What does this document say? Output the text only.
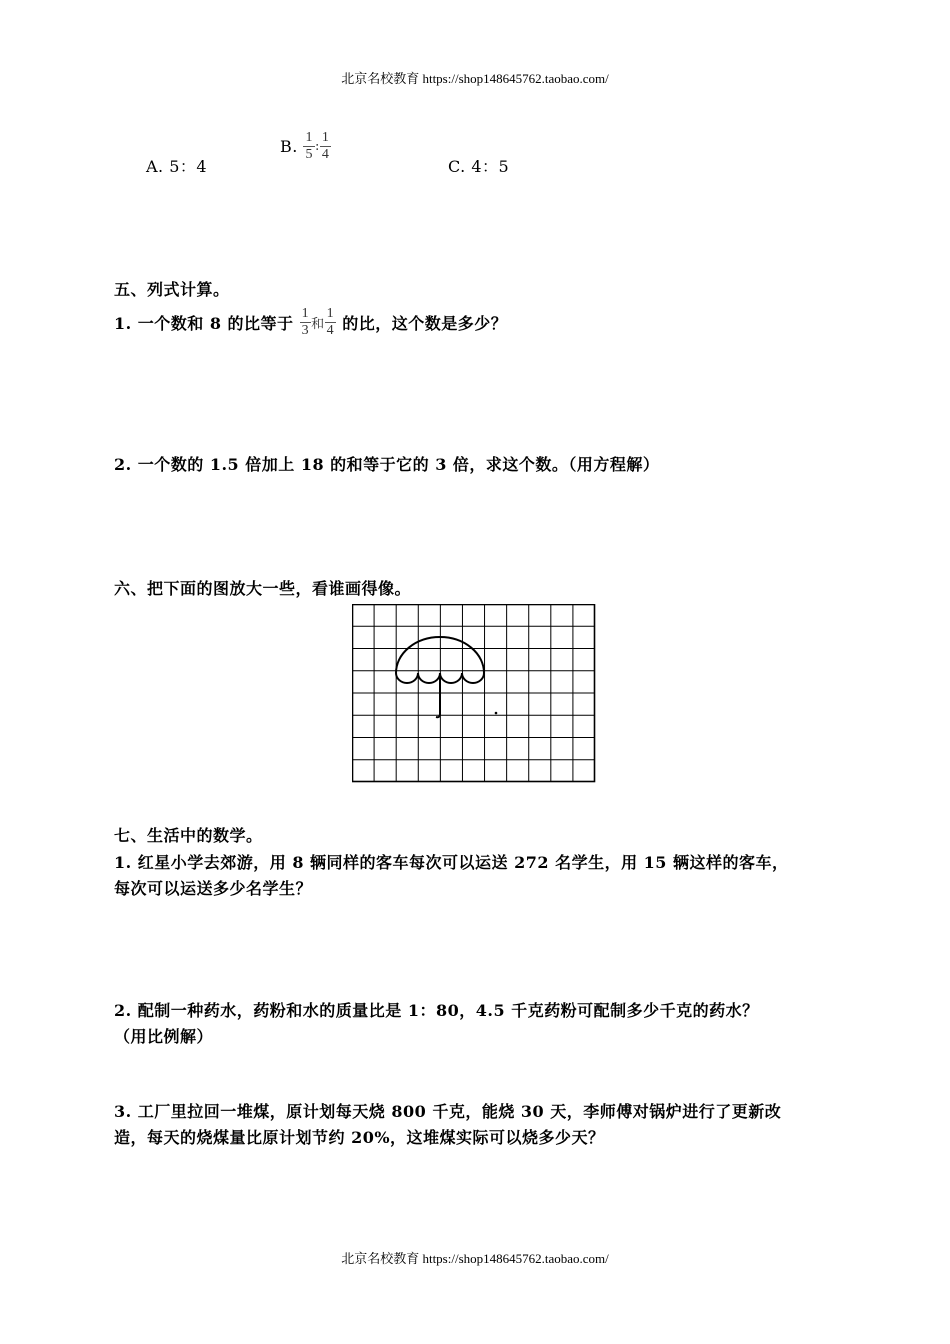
北京名校教育 https://shop148645762.taobao.com/
A. 5：4
B. $\frac{1}{5}$ : $\frac{1}{4}$
C. 4：5
五、列式计算。
1. 一个数和 8 的比等于 $\frac{1}{3}$ 和 $\frac{1}{4}$ 的比，这个数是多少？
2. 一个数的 1.5 倍加上 18 的和等于它的 3 倍，求这个数。（用方程解）
六、把下面的图放大一些，看谁画得像。
七、生活中的数学。
1. 红星小学去郊游，用 8 辆同样的客车每次可以运送 272 名学生，用 15 辆这样的客车，
每次可以运送多少名学生？
2. 配制一种药水，药粉和水的质量比是 1：80，4.5 千克药粉可配制多少千克的药水？
（用比例解）
3. 工厂里拉回一堆煤，原计划每天烧 800 千克，能烧 30 天，李师傅对锅炉进行了更新改
造，每天的烧煤量比原计划节约 20%，这堆煤实际可以烧多少天？
北京名校教育 https://shop148645762.taobao.com/
